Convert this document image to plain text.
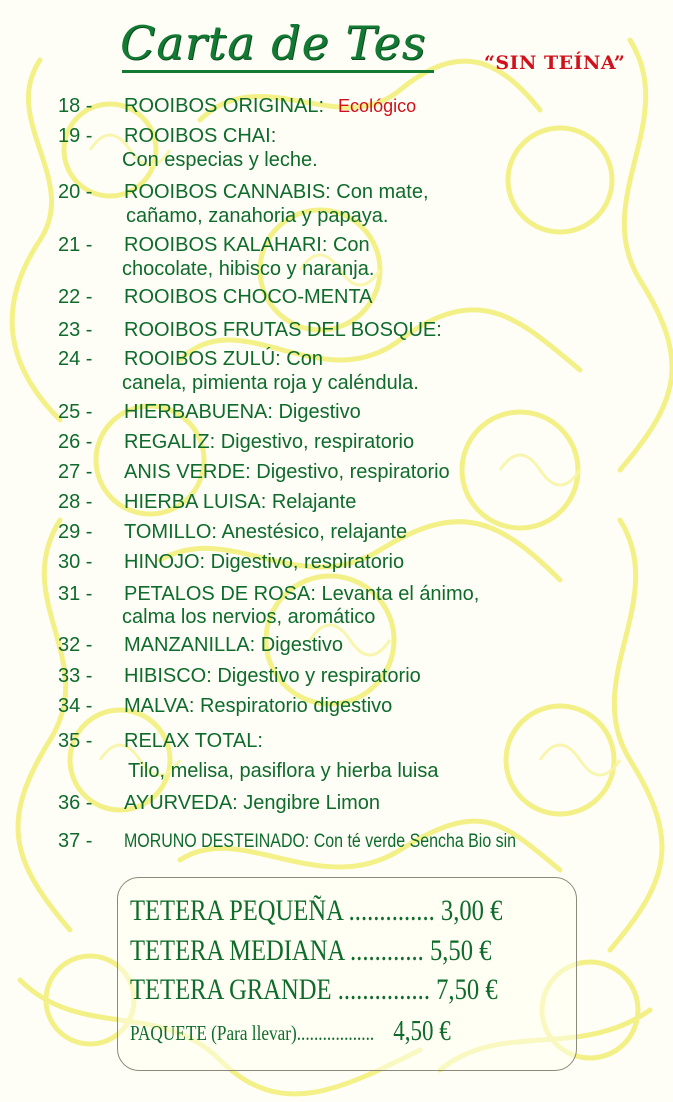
Carta de Tes	“SIN TEÍNA”
18 - ROOIBOS ORIGINAL: Ecológico
19 - ROOIBOS CHAI:
Con especias y leche.
20 - ROOIBOS CANNABIS: Con mate,
cañamo, zanahoria y papaya.
21 - ROOIBOS KALAHARI: Con
chocolate, hibisco y naranja.
22 - ROOIBOS CHOCO-MENTA
23 - ROOIBOS FRUTAS DEL BOSQUE:
24 - ROOIBOS ZULÚ: Con
canela, pimienta roja y caléndula.
25 - HIERBABUENA: Digestivo
26 - REGALIZ: Digestivo, respiratorio
27 - ANIS VERDE: Digestivo, respiratorio
28 - HIERBA LUISA: Relajante
29 - TOMILLO: Anestésico, relajante
30 - HINOJO: Digestivo, respiratorio
31 - PETALOS DE ROSA: Levanta el ánimo,
calma los nervios, aromático
32 - MANZANILLA: Digestivo
33 - HIBISCO: Digestivo y respiratorio
34 - MALVA: Respiratorio digestivo
35 - RELAX TOTAL:
Tilo, melisa, pasiflora y hierba luisa
36 - AYURVEDA: Jengibre Limon
37 - MORUNO DESTEINADO: Con té verde Sencha Bio sin
TETERA PEQUEÑA .............. 3,00 €
TETERA MEDIANA ............ 5,50 €
TETERA GRANDE ............... 7,50 €
PAQUETE (Para llevar).................. 4,50 €
